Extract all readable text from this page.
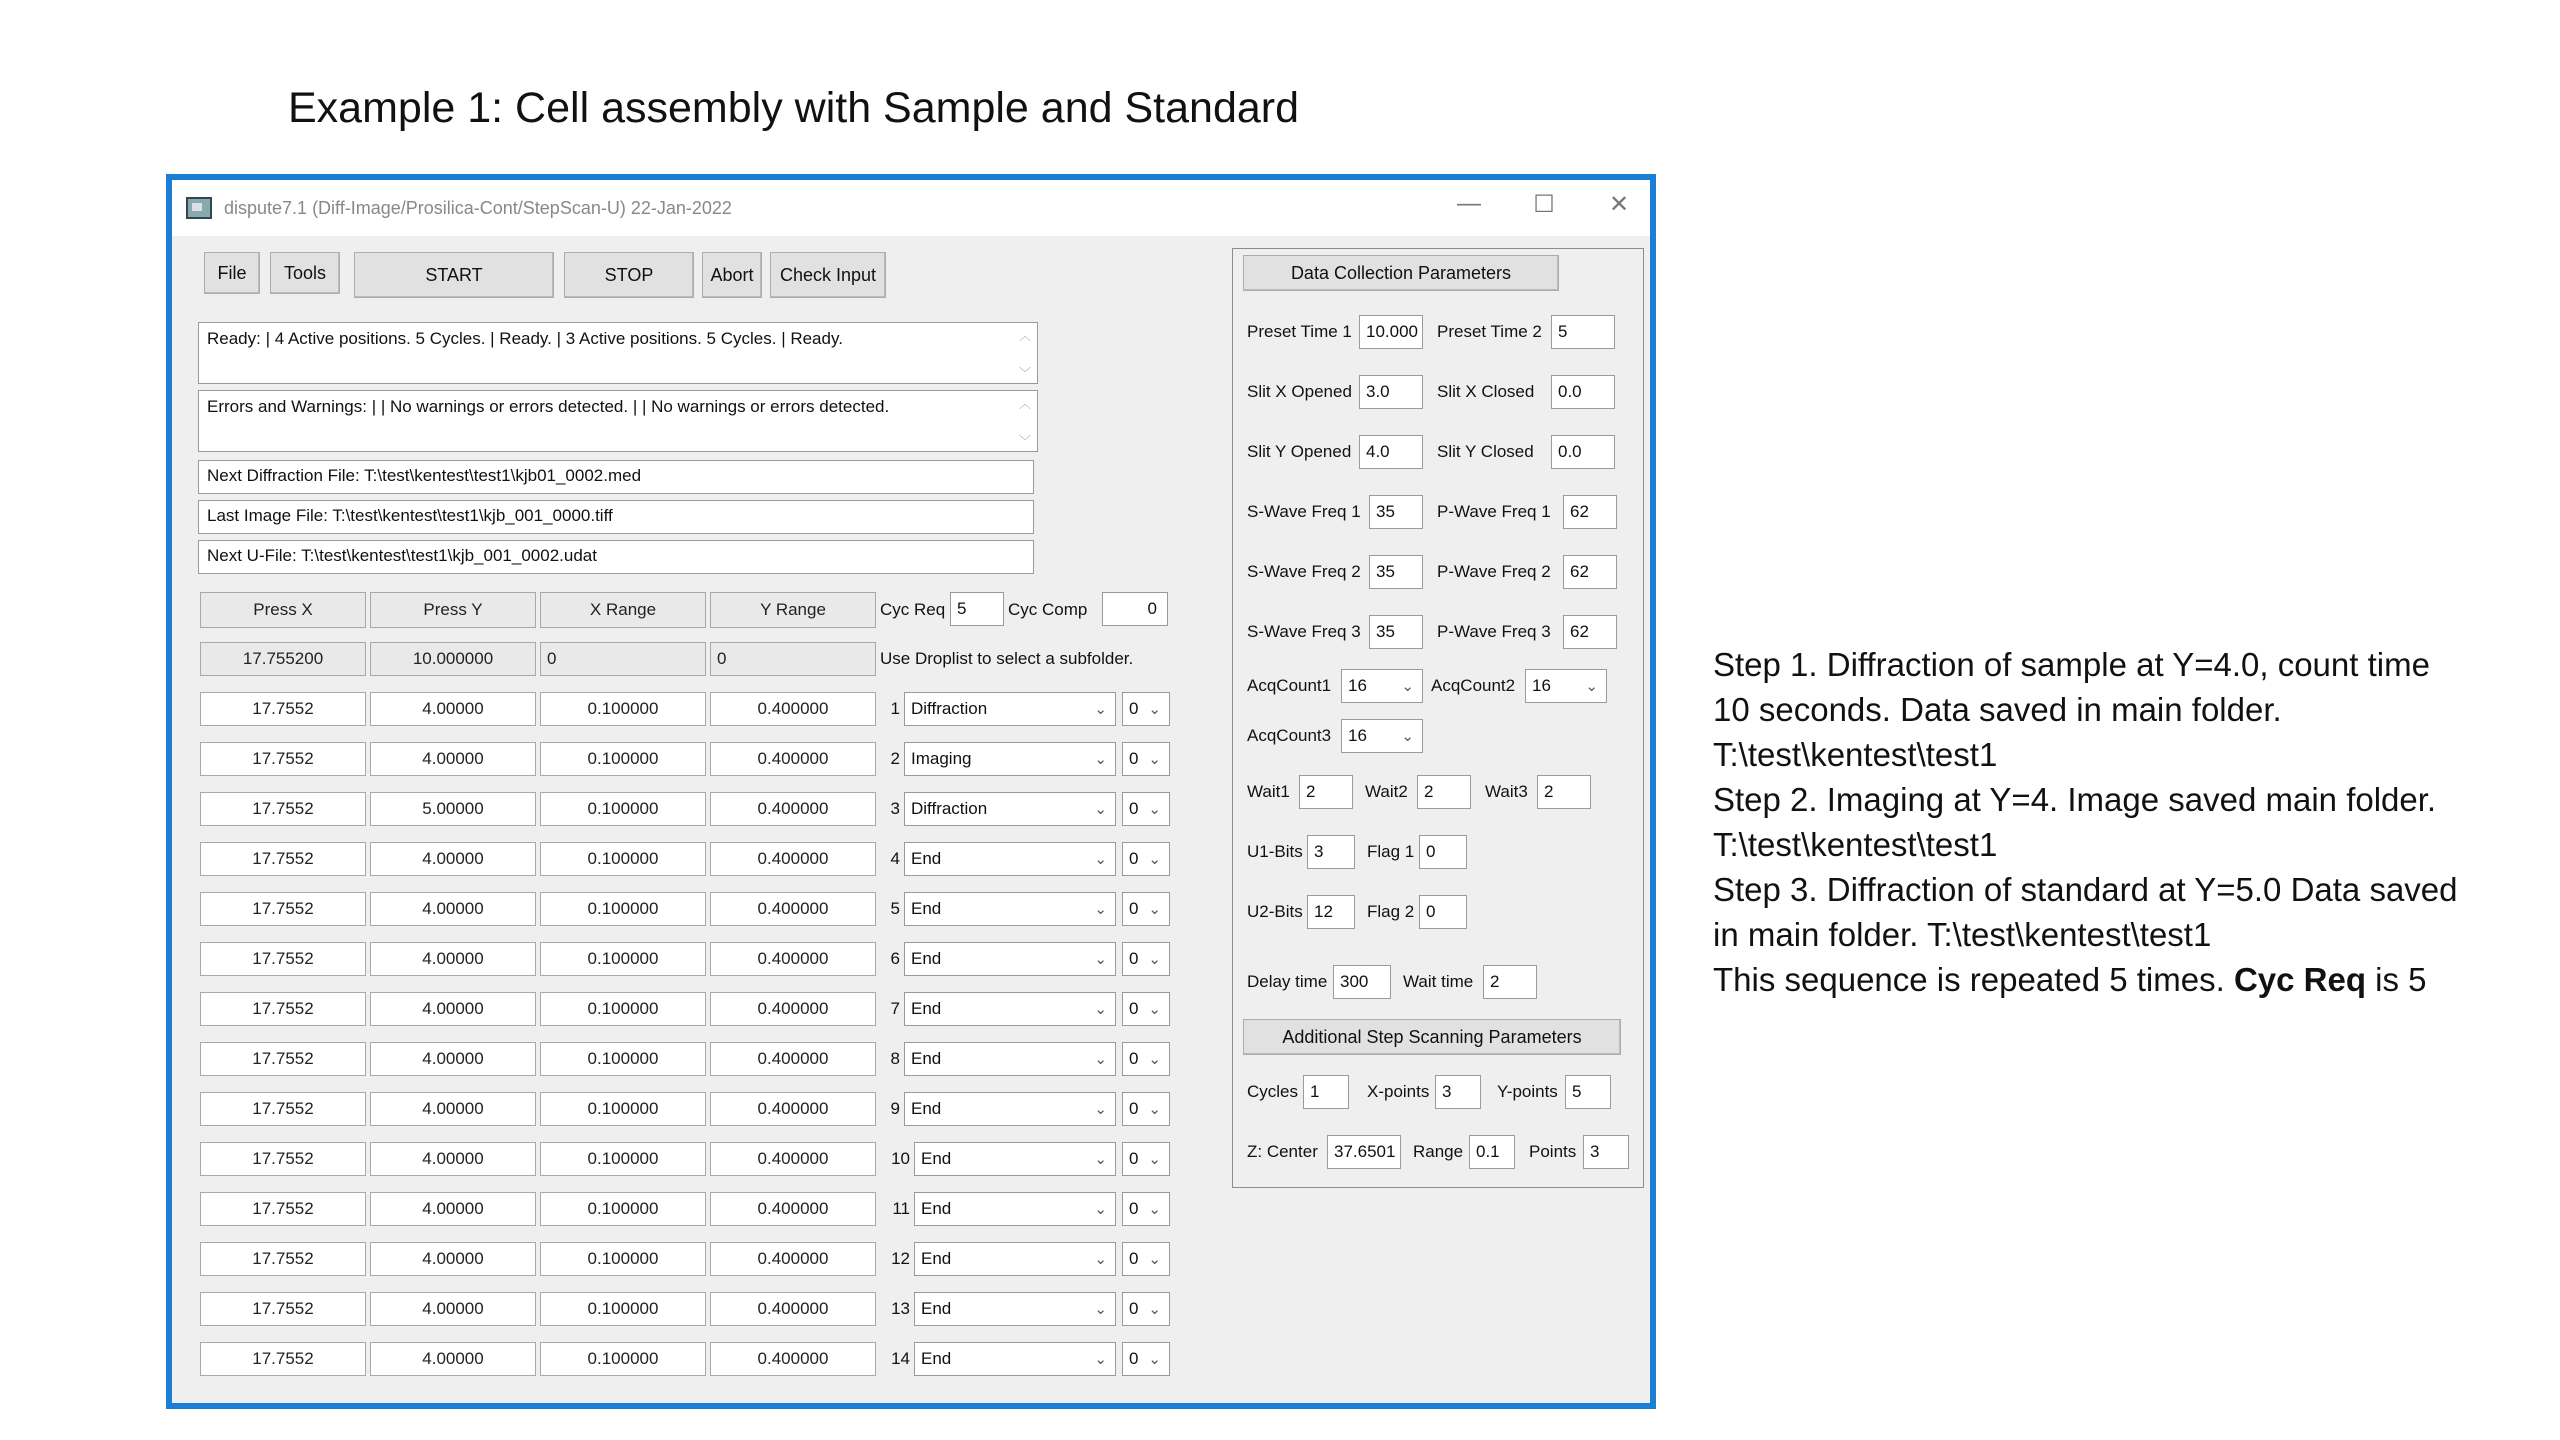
Example 1: Cell assembly with Sample and Standard
dispute7.1 (Diff-Image/Prosilica-Cont/StepScan-U) 22-Jan-2022	—	☐	✕
File	Tools	START	STOP	Abort	Check Input
Ready: | 4 Active positions. 5 Cycles. | Ready. | 3 Active positions. 5 Cycles. | Ready.	︿
﹀
Errors and Warnings: | | No warnings or errors detected. | | No warnings or errors detected.	︿
﹀
Next Diffraction File: T:\test\kentest\test1\kjb01_0002.med
Last Image File: T:\test\kentest\test1\kjb_001_0000.tiff
Next U-File: T:\test\kentest\test1\kjb_001_0002.udat
Press X	Press Y	X Range	Y Range	Cyc Req 5	Cyc Comp	0
17.755200	10.000000	0	0	Use Droplist to select a subfolder.
17.7552	4.00000	0.100000	0.400000	1 Diffraction	⌄ 0 ⌄
17.7552	4.00000	0.100000	0.400000	2 Imaging	⌄ 0 ⌄
17.7552	5.00000	0.100000	0.400000	3 Diffraction	⌄ 0 ⌄
17.7552	4.00000	0.100000	0.400000	4 End	⌄ 0 ⌄
17.7552	4.00000	0.100000	0.400000	5 End	⌄ 0 ⌄
17.7552	4.00000	0.100000	0.400000	6 End	⌄ 0 ⌄
17.7552	4.00000	0.100000	0.400000	7 End	⌄ 0 ⌄
17.7552	4.00000	0.100000	0.400000	8 End	⌄ 0 ⌄
17.7552	4.00000	0.100000	0.400000	9 End	⌄ 0 ⌄
17.7552	4.00000	0.100000	0.400000	10 End	⌄ 0 ⌄
17.7552	4.00000	0.100000	0.400000	11 End	⌄ 0 ⌄
17.7552	4.00000	0.100000	0.400000	12 End	⌄ 0 ⌄
17.7552	4.00000	0.100000	0.400000	13 End	⌄ 0 ⌄
17.7552	4.00000	0.100000	0.400000	14 End	⌄ 0 ⌄
Data Collection Parameters
Preset Time 1 10.000 Preset Time 2 5
Slit X Opened 3.0	Slit X Closed	0.0
Slit Y Opened 4.0	Slit Y Closed	0.0
S-Wave Freq 1 35	P-Wave Freq 1	62
S-Wave Freq 2 35	P-Wave Freq 2	62
S-Wave Freq 3 35	P-Wave Freq 3	62
AcqCount1 16 ⌄ AcqCount2 16 ⌄
AcqCount3 16 ⌄
Wait1 2	Wait2 2	Wait3 2
U1-Bits 3	Flag 1 0
U2-Bits 12	Flag 2 0
Delay time 300	Wait time 2
Additional Step Scanning Parameters
Cycles 1	X-points 3	Y-points 5
Z: Center 37.6501	Range 0.1	Points 3
Step 1. Diffraction of sample at Y=4.0, count time
10 seconds. Data saved in main folder.
T:\test\kentest\test1
Step 2. Imaging at Y=4. Image saved main folder.
T:\test\kentest\test1
Step 3. Diffraction of standard at Y=5.0 Data saved
in main folder. T:\test\kentest\test1
This sequence is repeated 5 times. Cyc Req is 5
